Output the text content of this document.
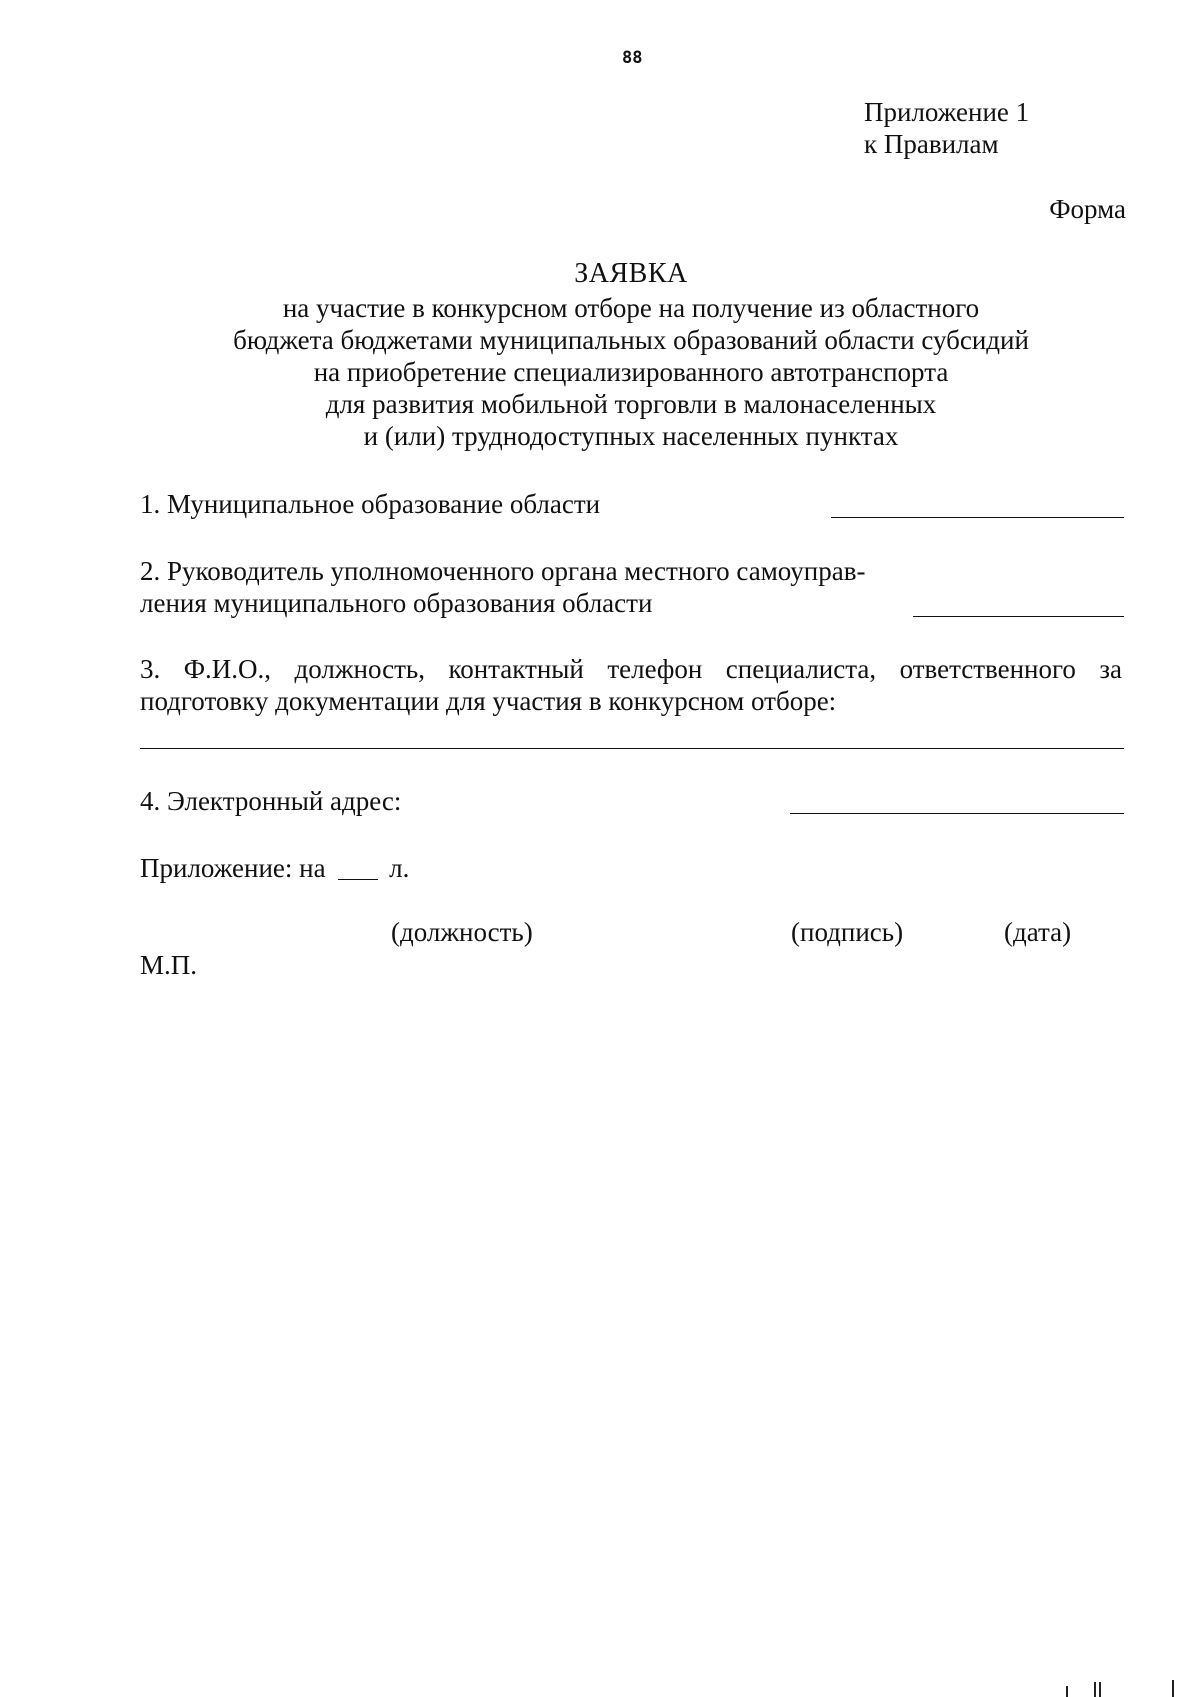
88
Приложение 1
к Правилам
Форма
ЗАЯВКА
на участие в конкурсном отборе на получение из областного
бюджета бюджетами муниципальных образований области субсидий
на приобретение специализированного автотранспорта
для развития мобильной торговли в малонаселенных
и (или) труднодоступных населенных пунктах
1. Муниципальное образование области
2. Руководитель уполномоченного органа местного самоуправ-
ления муниципального образования области
3. Ф.И.О., должность, контактный телефон специалиста, ответственного за подготовку документации для участия в конкурсном отборе:
4. Электронный адрес:
Приложение: на л.
(должность)	(подпись)	(дата)
М.П.
